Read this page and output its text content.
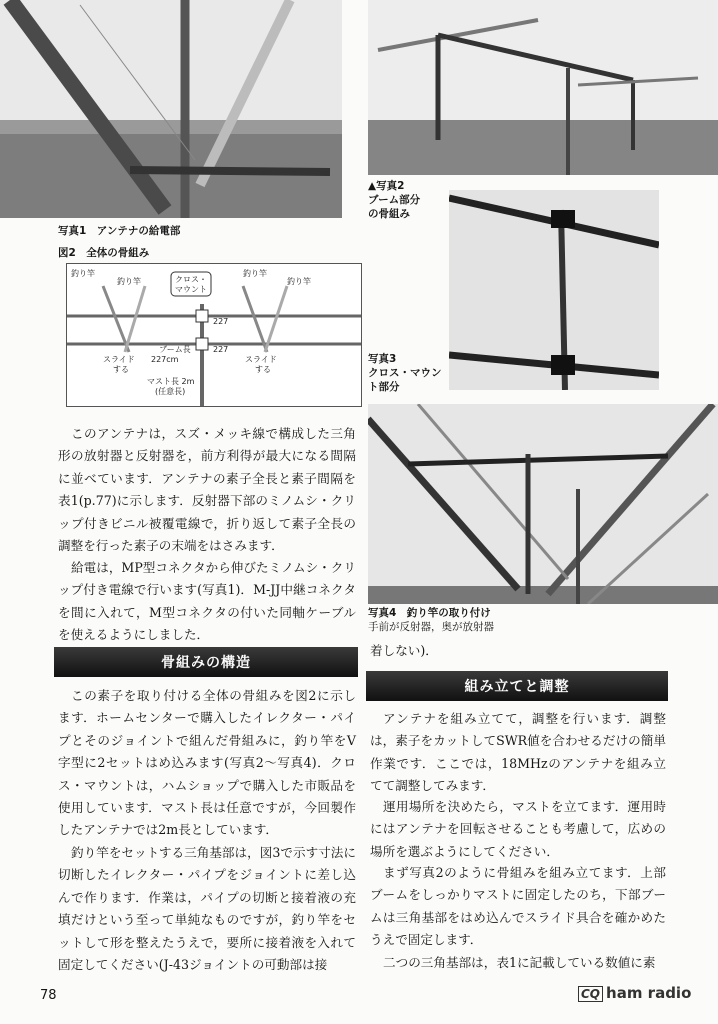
写真1　アンテナの給電部
図2　全体の骨組み
釣り竿
釣り竿
釣り竿
釣り竿
クロス・
マウント
227
227
ブーム長
227cm
スライド
する
スライド
する
マスト長 2m
(任意長)

このアンテナは，スズ・メッキ線で構成した三角形の放射器と反射器を，前方利得が最大になる間隔に並べています．アンテナの素子全長と素子間隔を表1(p.77)に示します．反射器下部のミノムシ・クリップ付きビニル被覆電線で，折り返して素子全長の調整を行った素子の末端をはさみます．

給電は，MP型コネクタから伸びたミノムシ・クリップ付き電線で行います(写真1)．M-JJ中継コネクタを間に入れて，M型コネクタの付いた同軸ケーブルを使えるようにしました．

骨組みの構造

この素子を取り付ける全体の骨組みを図2に示します．ホームセンターで購入したイレクター・パイプとそのジョイントで組んだ骨組みに，釣り竿をV字型に2セットはめ込みます(写真2〜写真4)．クロス・マウントは，ハムショップで購入した市販品を使用しています．マスト長は任意ですが，今回製作したアンテナでは2m長としています．

釣り竿をセットする三角基部は，図3で示す寸法に切断したイレクター・パイプをジョイントに差し込んで作ります．作業は，パイプの切断と接着液の充填だけという至って単純なものですが，釣り竿をセットして形を整えたうえで，要所に接着液を入れて固定してください(J-43ジョイントの可動部は接

▲写真2
ブーム部分
の骨組み
写真3
クロス・マウン
ト部分
写真4　釣り竿の取り付け
手前が反射器，奥が放射器

着しない)．

組み立てと調整

アンテナを組み立てて，調整を行います．調整は，素子をカットしてSWR値を合わせるだけの簡単作業です．ここでは，18MHzのアンテナを組み立てて調整してみます．

運用場所を決めたら，マストを立てます．運用時にはアンテナを回転させることも考慮して，広めの場所を選ぶようにしてください．

まず写真2のように骨組みを組み立てます．上部ブームをしっかりマストに固定したのち，下部ブームは三角基部をはめ込んでスライド具合を確かめたうえで固定します．

二つの三角基部は，表1に記載している数値に素

78	CQ ham radio
